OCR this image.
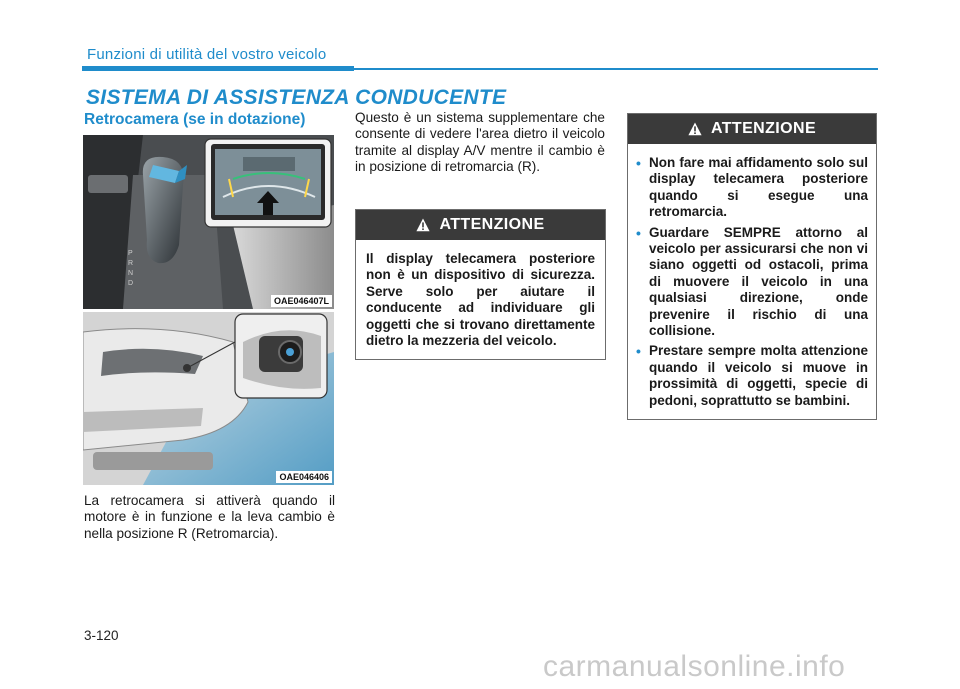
Funzioni di utilità del vostro veicolo
SISTEMA DI ASSISTENZA CONDUCENTE
Retrocamera (se in dotazione)
P
R
N
D
OAE046407L
OAE046406
La retrocamera si attiverà quando il motore è in funzione e la leva cambio è nella posizione R (Retromarcia).
Questo è un sistema supplementare che consente di vedere l'area dietro il veicolo tramite al display A/V mentre il cambio è in posizione di retromarcia (R).
ATTENZIONE
Il display telecamera posteriore non è un dispositivo di sicurezza. Serve solo per aiutare il conducente ad individuare gli oggetti che si trovano direttamente dietro la mezzeria del veicolo.
ATTENZIONE
• Non fare mai affidamento solo sul display telecamera posteriore quando si esegue una retromarcia.
• Guardare SEMPRE attorno al veicolo per assicurarsi che non vi siano oggetti od ostacoli, prima di muovere il veicolo in una qualsiasi direzione, onde prevenire il rischio di una collisione.
• Prestare sempre molta attenzione quando il veicolo si muove in prossimità di oggetti, specie di pedoni, soprattutto se bambini.
3-120
carmanualsonline.info
